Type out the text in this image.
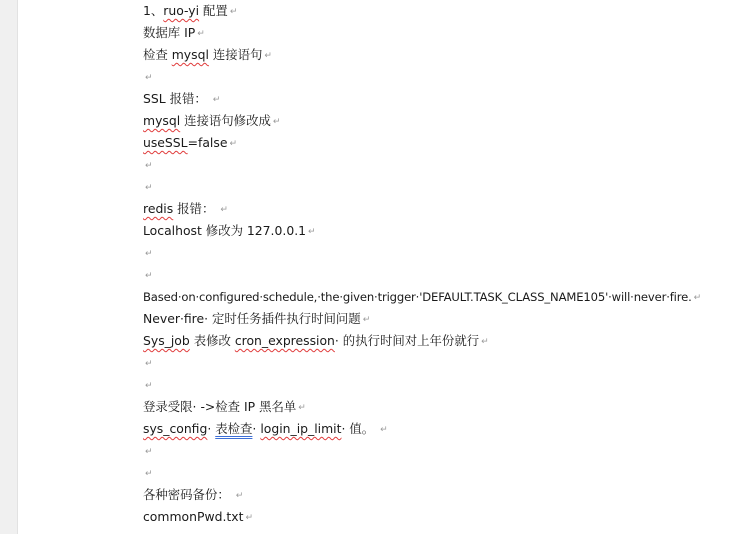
1、ruo-yi 配置 ↵
数据库 IP ↵
检查 mysql 连接语句 ↵
↵
SSL 报错： ↵
mysql 连接语句修改成 ↵
useSSL=false ↵
↵
↵
redis 报错： ↵
Localhost 修改为 127.0.0.1 ↵
↵
↵
Based·on·configured·schedule,·the·given·trigger·'DEFAULT.TASK_CLASS_NAME105'·will·never·fire. ↵
Never·fire· 定时任务插件执行时间问题 ↵
Sys_job 表修改 cron_expression· 的执行时间对上年份就行 ↵
↵
↵
登录受限· ->检查 IP 黑名单 ↵
sys_config· 表检查· login_ip_limit· 值。 ↵
↵
↵
各种密码备份： ↵
commonPwd.txt ↵
